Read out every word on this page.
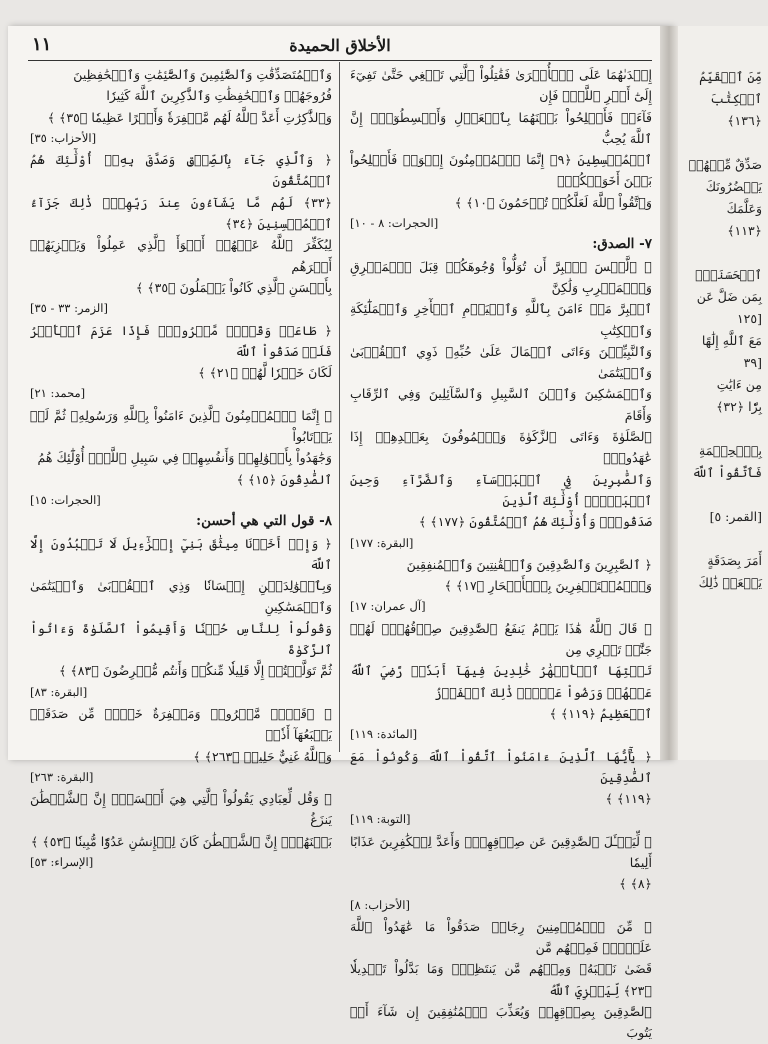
مِّنَ ٱلۡقَيِّمُ

ٱلۡكِتَٰبَ

﴿١٣٦﴾

صَدِّقٌ مِّنۡهُمۡ

يَحۡضُرُونَكَ

وَعَلَّمَكَ

﴿١١٣﴾

ٱلۡحَسَنَةِۖ

بِمَن ضَلَّ عَن

[١٢٥

مَعَ ٱللَّهِ إِلَٰهًا

[٣٩

مِن ءَايَٰتِ

بِرّٗا ﴿٣٢﴾

بِٱلۡحِكۡمَةِ

فَٱتَّقُواْ ٱللَّهَ

[القمر: ٥]

أَمَرَ بِصَدَقَةٍ

يَفۡعَلۡ ذَٰلِكَ

الأخلاق الحميدة
١١

إِحۡدَىٰهُمَا عَلَى ٱلۡأُخۡرَىٰ فَقَٰتِلُواْ ٱلَّتِي تَبۡغِي حَتَّىٰ تَفِيٓءَ إِلَىٰٓ أَمۡرِ ٱللَّهِۚ فَإِن

فَآءَتۡ فَأَصۡلِحُواْ بَيۡنَهُمَا بِٱلۡعَدۡلِ وَأَقۡسِطُوٓاْۖ إِنَّ ٱللَّهَ يُحِبُّ

ٱلۡمُقۡسِطِينَ ﴿٩﴾ إِنَّمَا ٱلۡمُؤۡمِنُونَ إِخۡوَةٞ فَأَصۡلِحُواْ بَيۡنَ أَخَوَيۡكُمۡۚ

وَٱتَّقُواْ ٱللَّهَ لَعَلَّكُمۡ تُرۡحَمُونَ ﴿١٠﴾ ﴾

[الحجرات: ٨ - ١٠]

٧- الصدق:

﴿ ۞لَّيۡسَ ٱلۡبِرَّ أَن تُوَلُّواْ وُجُوهَكُمۡ قِبَلَ ٱلۡمَشۡرِقِ وَٱلۡمَغۡرِبِ وَلَٰكِنَّ

ٱلۡبِرَّ مَنۡ ءَامَنَ بِٱللَّهِ وَٱلۡيَوۡمِ ٱلۡأٓخِرِ وَٱلۡمَلَٰٓئِكَةِ وَٱلۡكِتَٰبِ

وَٱلنَّبِيِّـۧنَ وَءَاتَى ٱلۡمَالَ عَلَىٰ حُبِّهِۦ ذَوِي ٱلۡقُرۡبَىٰ وَٱلۡيَتَٰمَىٰ

وَٱلۡمَسَٰكِينَ وَٱبۡنَ ٱلسَّبِيلِ وَٱلسَّآئِلِينَ وَفِي ٱلرِّقَابِ وَأَقَامَ

ٱلصَّلَوٰةَ وَءَاتَى ٱلزَّكَوٰةَ وَٱلۡمُوفُونَ بِعَهۡدِهِمۡ إِذَا عَٰهَدُواْۖ

وَٱلصَّٰبِرِينَ فِي ٱلۡبَأۡسَآءِ وَٱلضَّرَّآءِ وَحِينَ ٱلۡبَأۡسِۗ أُوْلَٰٓئِكَ ٱلَّذِينَ

صَدَقُواْۖ وَأُوْلَٰٓئِكَ هُمُ ٱلۡمُتَّقُونَ ﴿١٧٧﴾ ﴾

[البقرة: ١٧٧]

﴿ ٱلصَّٰبِرِينَ وَٱلصَّٰدِقِينَ وَٱلۡقَٰنِتِينَ وَٱلۡمُنفِقِينَ

وَٱلۡمُسۡتَغۡفِرِينَ بِٱلۡأَسۡحَارِ ﴿١٧﴾ ﴾

[آل عمران: ١٧]

﴿ قَالَ ٱللَّهُ هَٰذَا يَوۡمُ يَنفَعُ ٱلصَّٰدِقِينَ صِدۡقُهُمۡۚ لَهُمۡ جَنَّٰتٞ تَجۡرِي مِن

تَحۡتِهَا ٱلۡأَنۡهَٰرُ خَٰلِدِينَ فِيهَآ أَبَدٗاۖ رَّضِيَ ٱللَّهُ عَنۡهُمۡ وَرَضُواْ عَنۡهُۚ ذَٰلِكَ ٱلۡفَوۡزُ

ٱلۡعَظِيمُ ﴿١١٩﴾ ﴾

[المائدة: ١١٩]

﴿ يَٰٓأَيُّهَا ٱلَّذِينَ ءَامَنُواْ ٱتَّقُواْ ٱللَّهَ وَكُونُواْ مَعَ ٱلصَّٰدِقِينَ

﴿١١٩﴾ ﴾

[التوبة: ١١٩]

﴿ لِّيَسۡـَٔلَ ٱلصَّٰدِقِينَ عَن صِدۡقِهِمۡۚ وَأَعَدَّ لِلۡكَٰفِرِينَ عَذَابًا أَلِيمٗا

﴿٨﴾ ﴾

[الأحزاب: ٨]

﴿ مِّنَ ٱلۡمُؤۡمِنِينَ رِجَالٞ صَدَقُواْ مَا عَٰهَدُواْ ٱللَّهَ عَلَيۡهِۖ فَمِنۡهُم مَّن

قَضَىٰ نَحۡبَهُۥ وَمِنۡهُم مَّن يَنتَظِرُۖ وَمَا بَدَّلُواْ تَبۡدِيلٗا ﴿٢٣﴾ لِّيَجۡزِيَ ٱللَّهُ

ٱلصَّٰدِقِينَ بِصِدۡقِهِمۡ وَيُعَذِّبَ ٱلۡمُنَٰفِقِينَ إِن شَآءَ أَوۡ يَتُوبَ

وَٱلۡمُتَصَدِّقَٰتِ وَٱلصَّٰٓئِمِينَ وَٱلصَّٰٓئِمَٰتِ وَٱلۡحَٰفِظِينَ

فُرُوجَهُمۡ وَٱلۡحَٰفِظَٰتِ وَٱلذَّٰكِرِينَ ٱللَّهَ كَثِيرٗا

وَٱلذَّٰكِرَٰتِ أَعَدَّ ٱللَّهُ لَهُم مَّغۡفِرَةٗ وَأَجۡرًا عَظِيمٗا ﴿٣٥﴾ ﴾

[الأحزاب: ٣٥]

﴿ وَٱلَّذِي جَآءَ بِٱلصِّدۡقِ وَصَدَّقَ بِهِۦٓ أُوْلَٰٓئِكَ هُمُ ٱلۡمُتَّقُونَ

﴿٣٣﴾ لَهُم مَّا يَشَآءُونَ عِندَ رَبِّهِمۡۚ ذَٰلِكَ جَزَآءُ ٱلۡمُحۡسِنِينَ ﴿٣٤﴾

لِيُكَفِّرَ ٱللَّهُ عَنۡهُمۡ أَسۡوَأَ ٱلَّذِي عَمِلُواْ وَيَجۡزِيَهُمۡ أَجۡرَهُم

بِأَحۡسَنِ ٱلَّذِي كَانُواْ يَعۡمَلُونَ ﴿٣٥﴾ ﴾

[الزمر: ٣٣ - ٣٥]

﴿ طَاعَةٞ وَقَوۡلٞ مَّعۡرُوفٞۚ فَإِذَا عَزَمَ ٱلۡأَمۡرُ فَلَوۡ صَدَقُواْ ٱللَّهَ

لَكَانَ خَيۡرٗا لَّهُمۡ ﴿٢١﴾ ﴾

[محمد: ٢١]

﴿ إِنَّمَا ٱلۡمُؤۡمِنُونَ ٱلَّذِينَ ءَامَنُواْ بِٱللَّهِ وَرَسُولِهِۦ ثُمَّ لَمۡ يَرۡتَابُواْ

وَجَٰهَدُواْ بِأَمۡوَٰلِهِمۡ وَأَنفُسِهِمۡ فِي سَبِيلِ ٱللَّهِۚ أُوْلَٰٓئِكَ هُمُ

ٱلصَّٰدِقُونَ ﴿١٥﴾ ﴾

[الحجرات: ١٥]

٨- قول التي هي أحسن:

﴿ وَإِذۡ أَخَذۡنَا مِيثَٰقَ بَنِيٓ إِسۡرَٰٓءِيلَ لَا تَعۡبُدُونَ إِلَّا ٱللَّهَ

وَبِٱلۡوَٰلِدَيۡنِ إِحۡسَانٗا وَذِي ٱلۡقُرۡبَىٰ وَٱلۡيَتَٰمَىٰ وَٱلۡمَسَٰكِينِ

وَقُولُواْ لِلنَّاسِ حُسۡنٗا وَأَقِيمُواْ ٱلصَّلَوٰةَ وَءَاتُواْ ٱلزَّكَوٰةَ

ثُمَّ تَوَلَّيۡتُمۡ إِلَّا قَلِيلٗا مِّنكُمۡ وَأَنتُم مُّعۡرِضُونَ ﴿٨٣﴾ ﴾

[البقرة: ٨٣]

﴿ ۞قَوۡلٞ مَّعۡرُوفٞ وَمَغۡفِرَةٌ خَيۡرٞ مِّن صَدَقَةٖ يَتۡبَعُهَآ أَذٗىۗ

وَٱللَّهُ غَنِيٌّ حَلِيمٞ ﴿٢٦٣﴾ ﴾

[البقرة: ٢٦٣]

﴿ وَقُل لِّعِبَادِي يَقُولُواْ ٱلَّتِي هِيَ أَحۡسَنُۚ إِنَّ ٱلشَّيۡطَٰنَ يَنزَغُ

بَيۡنَهُمۡۚ إِنَّ ٱلشَّيۡطَٰنَ كَانَ لِلۡإِنسَٰنِ عَدُوّٗا مُّبِينٗا ﴿٥٣﴾ ﴾

[الإسراء: ٥٣]
